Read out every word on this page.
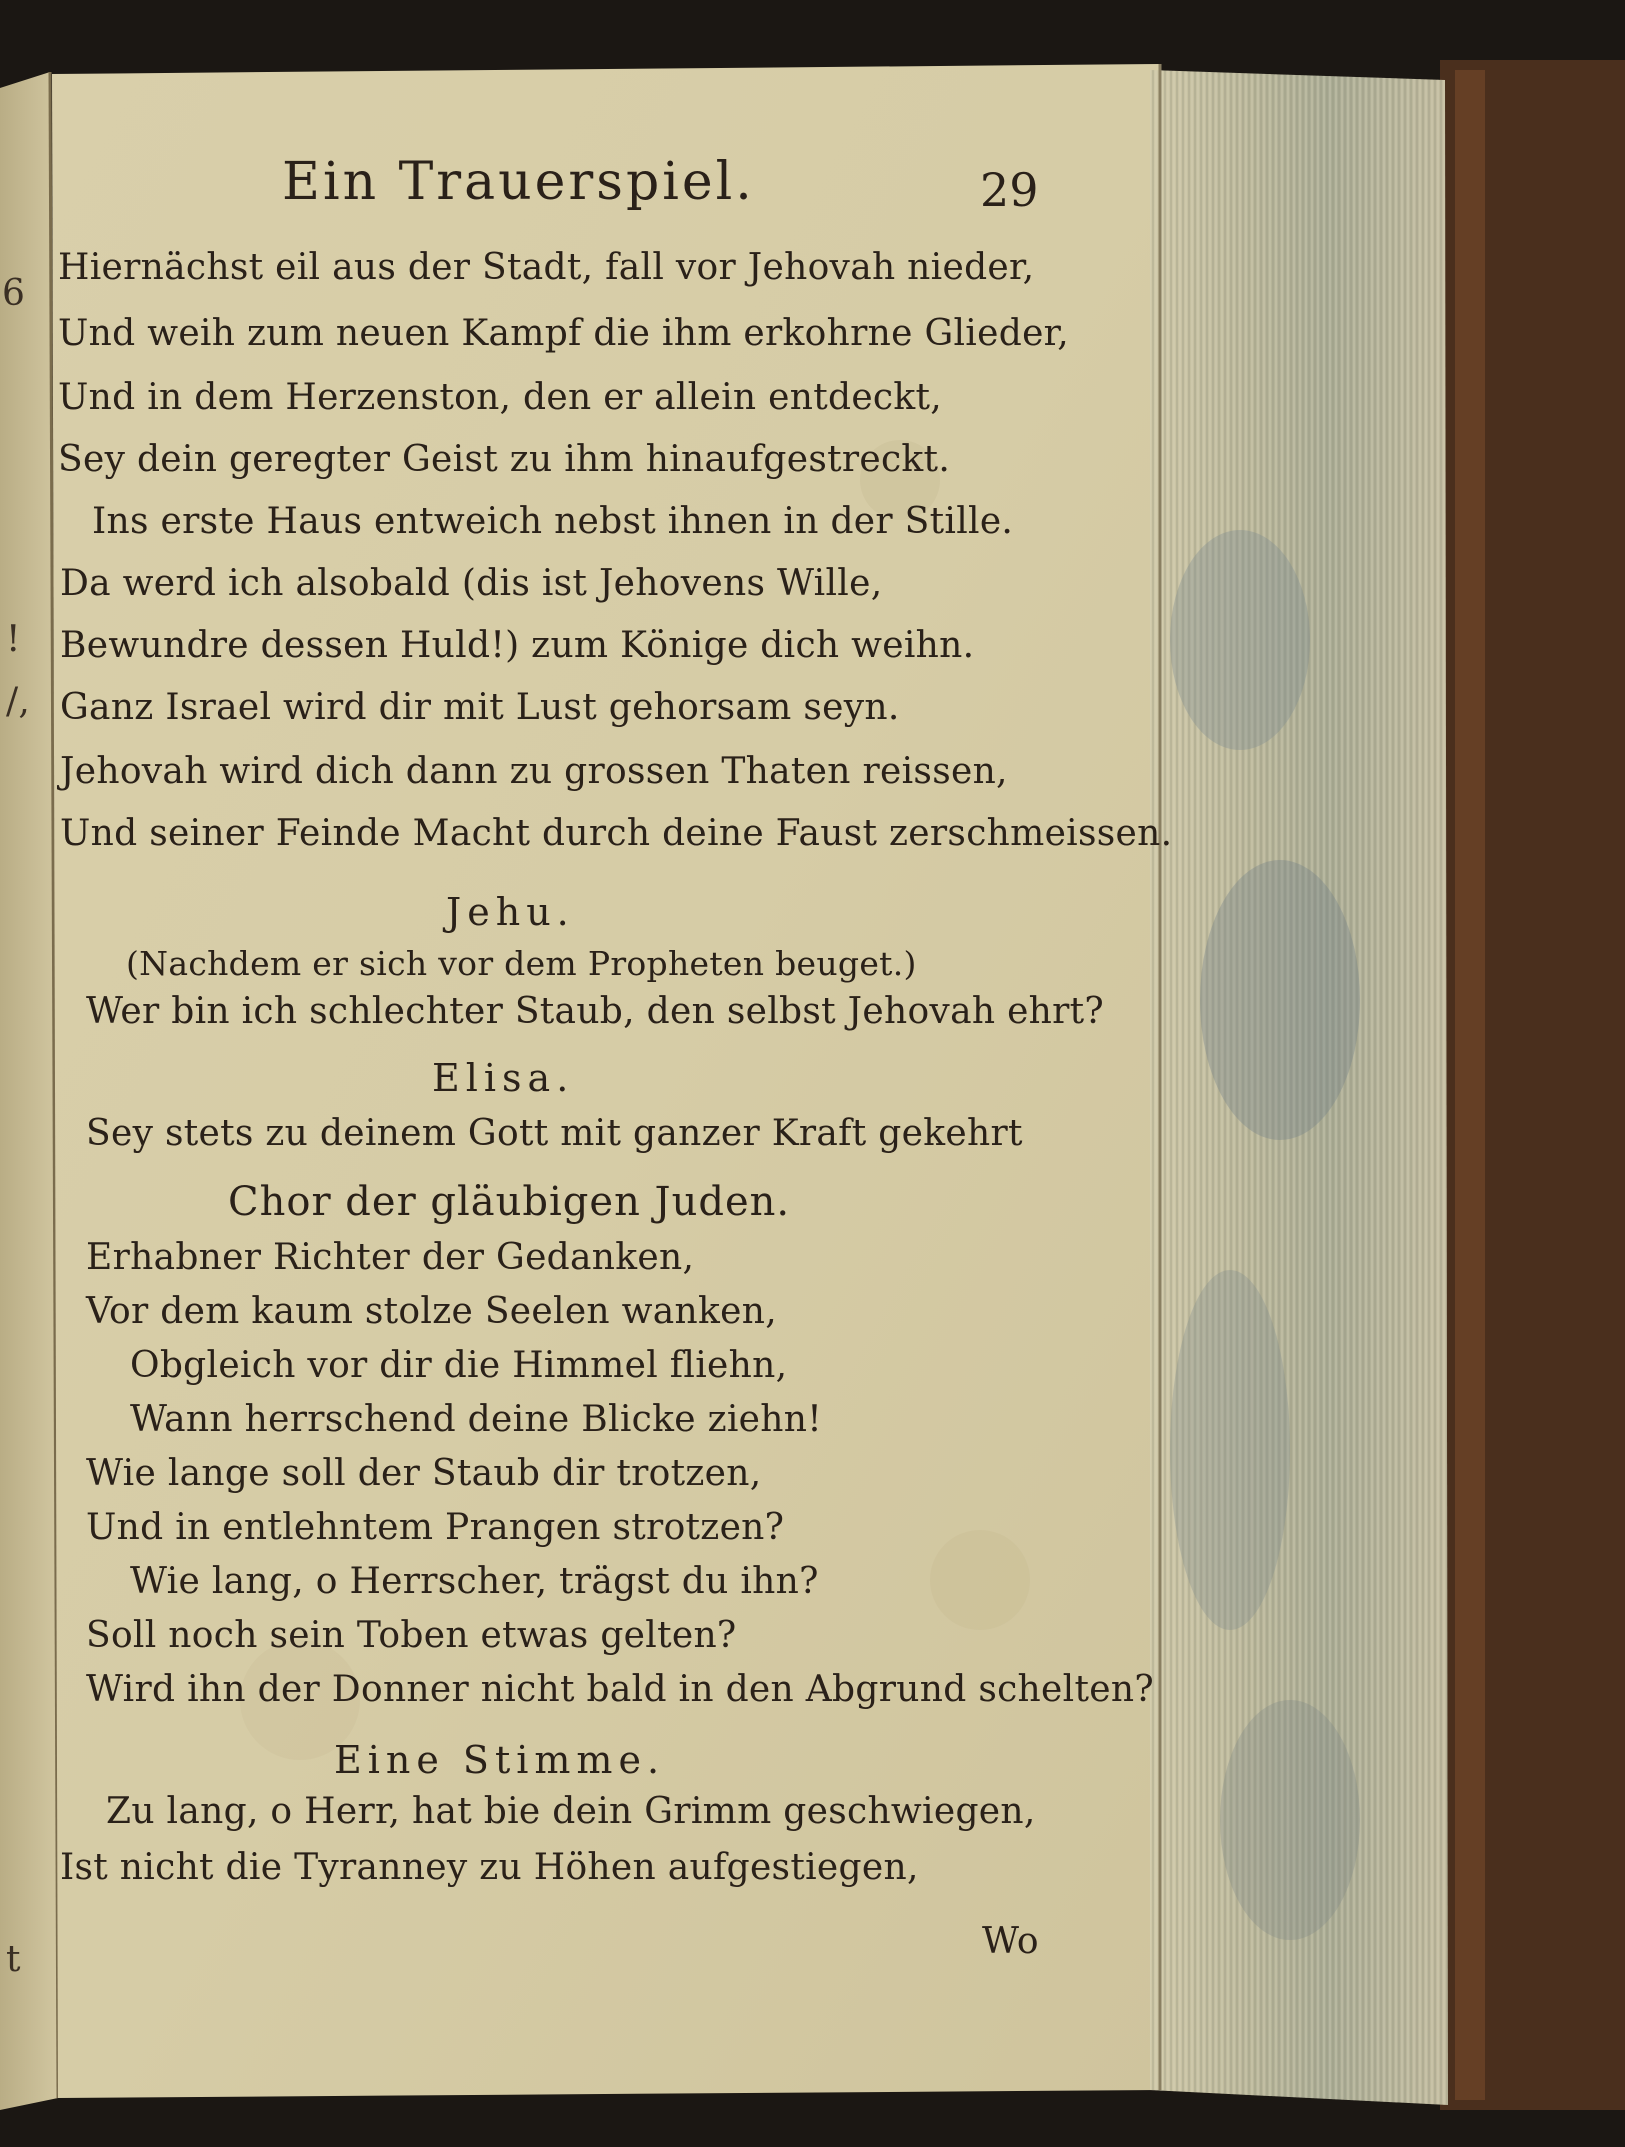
6
!
/,
t
Ein Trauerspiel.	29
Hiernächst eil aus der Stadt, fall vor Jehovah nieder,
Und weih zum neuen Kampf die ihm erkohrne Glieder,
Und in dem Herzenston, den er allein entdeckt,
Sey dein geregter Geist zu ihm hinaufgestreckt.
Ins erste Haus entweich nebst ihnen in der Stille.
Da werd ich alsobald (dis ist Jehovens Wille,
Bewundre dessen Huld!) zum Könige dich weihn.
Ganz Israel wird dir mit Lust gehorsam seyn.
Jehovah wird dich dann zu grossen Thaten reissen,
Und seiner Feinde Macht durch deine Faust zerschmeissen.
Jehu.
(Nachdem er sich vor dem Propheten beuget.)
Wer bin ich schlechter Staub, den selbst Jehovah ehrt?
Elisa.
Sey stets zu deinem Gott mit ganzer Kraft gekehrt
Chor der gläubigen Juden.
Erhabner Richter der Gedanken,
Vor dem kaum stolze Seelen wanken,
Obgleich vor dir die Himmel fliehn,
Wann herrschend deine Blicke ziehn!
Wie lange soll der Staub dir trotzen,
Und in entlehntem Prangen strotzen?
Wie lang, o Herrscher, trägst du ihn?
Soll noch sein Toben etwas gelten?
Wird ihn der Donner nicht bald in den Abgrund schelten?
Eine Stimme.
Zu lang, o Herr, hat bie dein Grimm geschwiegen,
Ist nicht die Tyranney zu Höhen aufgestiegen,
Wo
